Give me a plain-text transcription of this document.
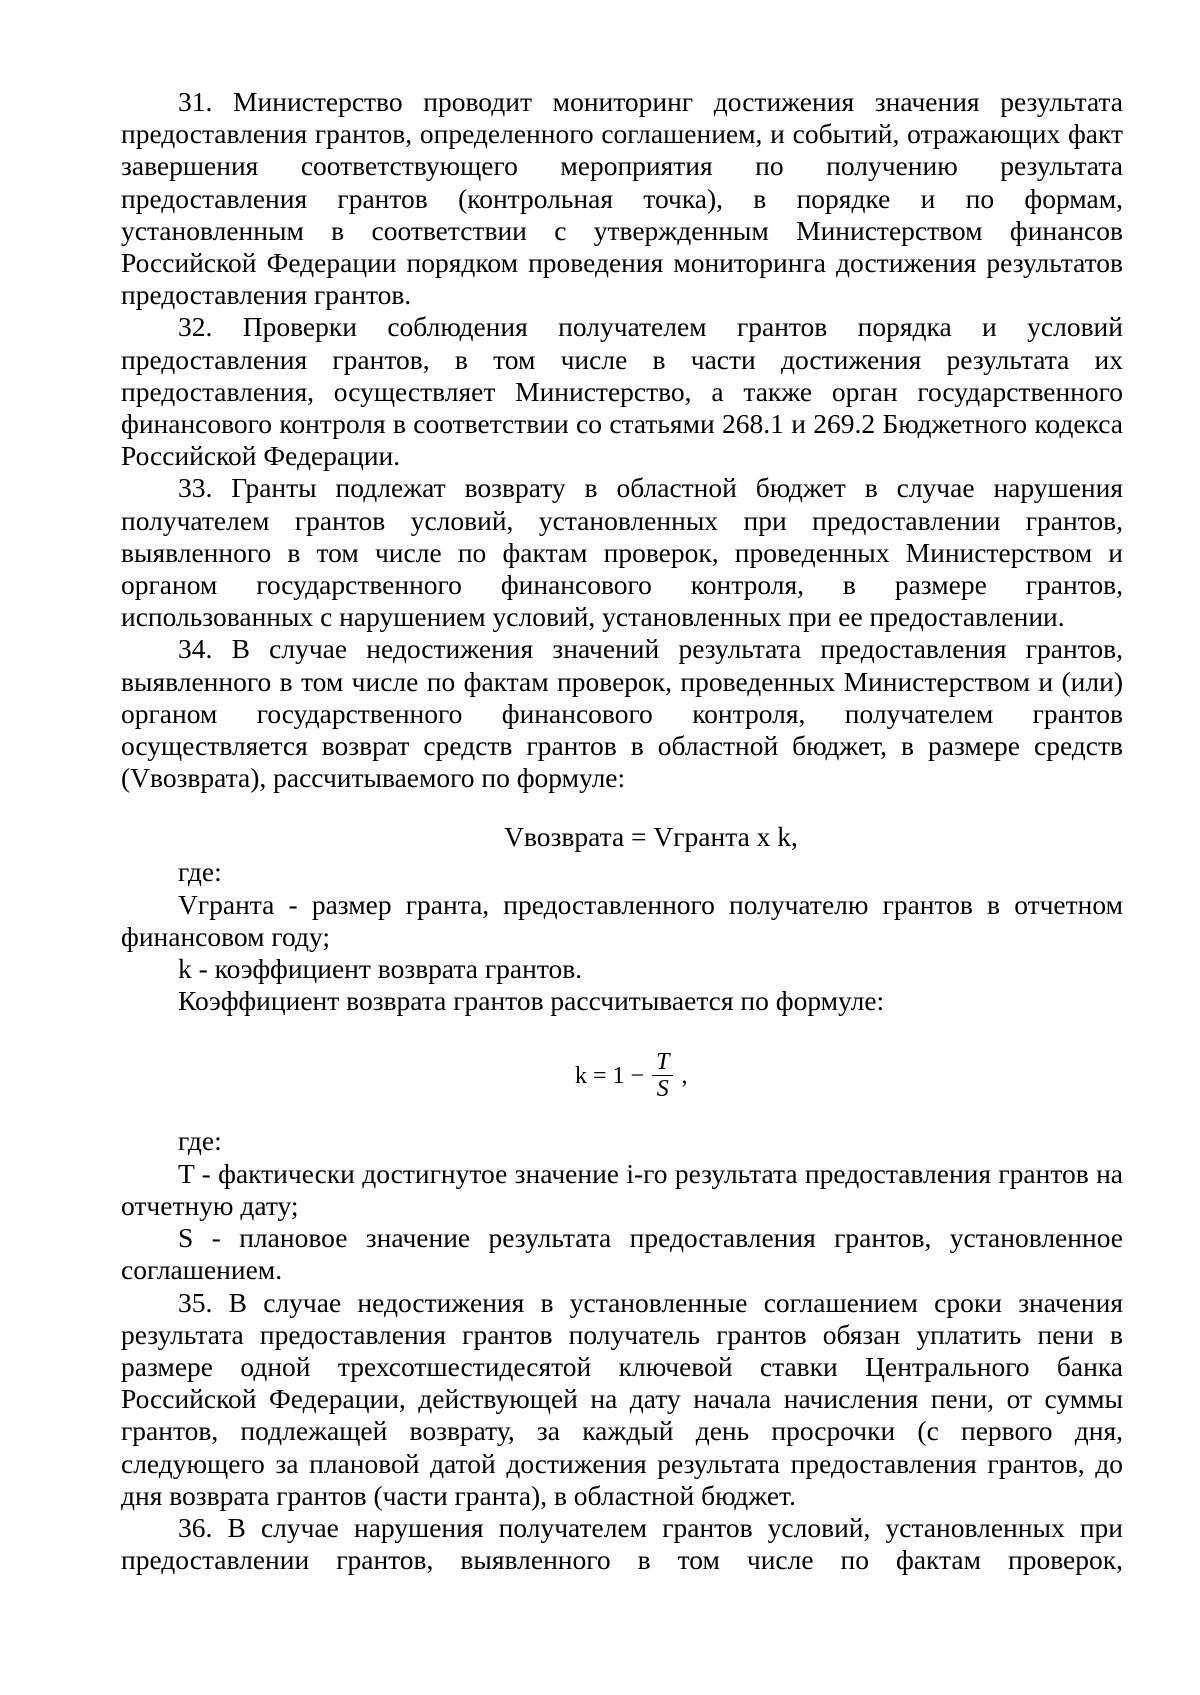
31. Министерство проводит мониторинг достижения значения результата предоставления грантов, определенного соглашением, и событий, отражающих факт завершения соответствующего мероприятия по получению результата предоставления грантов (контрольная точка), в порядке и по формам, установленным в соответствии с утвержденным Министерством финансов Российской Федерации порядком проведения мониторинга достижения результатов предоставления грантов.

32. Проверки соблюдения получателем грантов порядка и условий предоставления грантов, в том числе в части достижения результата их предоставления, осуществляет Министерство, а также орган государственного финансового контроля в соответствии со статьями 268.1 и 269.2 Бюджетного кодекса Российской Федерации.

33. Гранты подлежат возврату в областной бюджет в случае нарушения получателем грантов условий, установленных при предоставлении грантов, выявленного в том числе по фактам проверок, проведенных Министерством и органом государственного финансового контроля, в размере грантов, использованных с нарушением условий, установленных при ее предоставлении.

34. В случае недостижения значений результата предоставления грантов, выявленного в том числе по фактам проверок, проведенных Министерством и (или) органом государственного финансового контроля, получателем грантов осуществляется возврат средств грантов в областной бюджет, в размере средств (Vвозврата), рассчитываемого по формуле:

Vвозврата = Vгранта x k,

где:

Vгранта - размер гранта, предоставленного получателю грантов в отчетном финансовом году;

k - коэффициент возврата грантов.

Коэффициент возврата грантов рассчитывается по формуле:

$k = 1 - \frac{T}{S}$ ,

где:

T - фактически достигнутое значение i-го результата предоставления грантов на отчетную дату;

S - плановое значение результата предоставления грантов, установленное соглашением.

35. В случае недостижения в установленные соглашением сроки значения результата предоставления грантов получатель грантов обязан уплатить пени в размере одной трехсотшестидесятой ключевой ставки Центрального банка Российской Федерации, действующей на дату начала начисления пени, от суммы грантов, подлежащей возврату, за каждый день просрочки (с первого дня, следующего за плановой датой достижения результата предоставления грантов, до дня возврата грантов (части гранта), в областной бюджет.

36. В случае нарушения получателем грантов условий, установленных при предоставлении грантов, выявленного в том числе по фактам проверок,
